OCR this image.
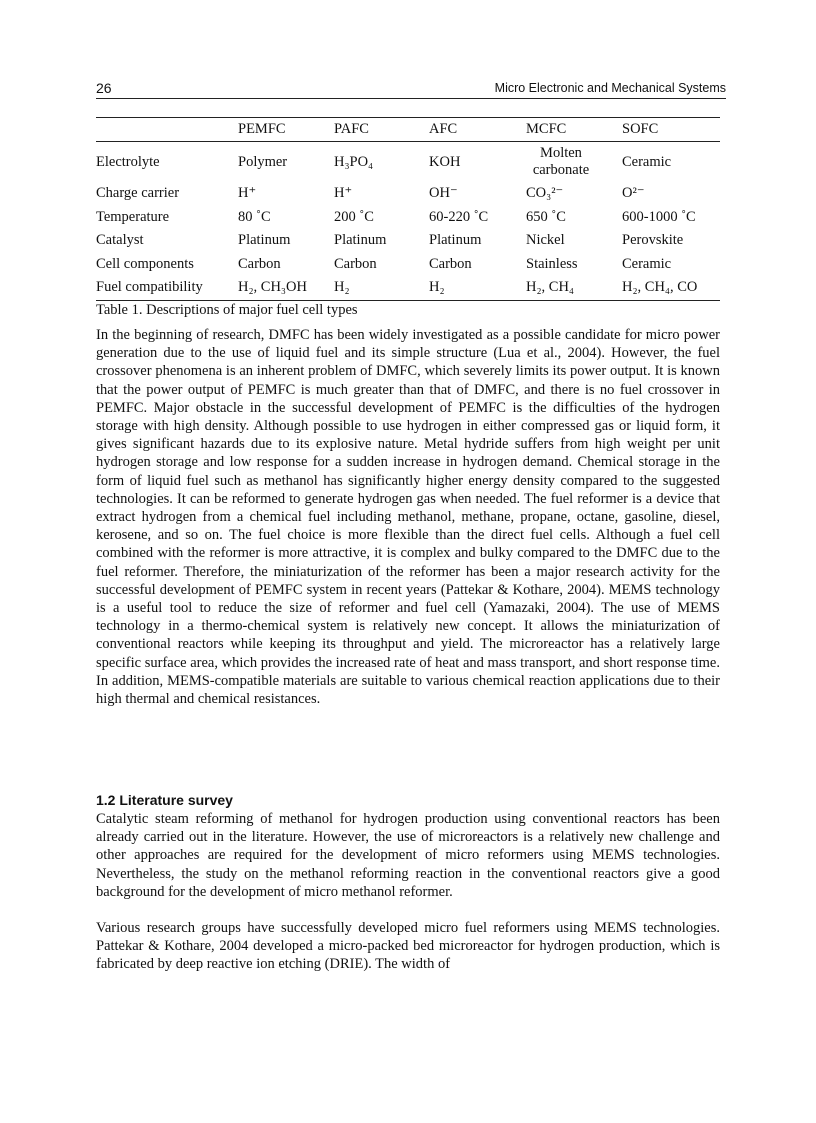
26	Micro Electronic and Mechanical Systems
	PEMFC	PAFC	AFC	MCFC	SOFC
Electrolyte	Polymer	H₃PO₄	KOH	Molten carbonate	Ceramic
Charge carrier	H⁺	H⁺	OH⁻	CO₃²⁻	O²⁻
Temperature	80 ˚C	200 ˚C	60-220 ˚C	650 ˚C	600-1000 ˚C
Catalyst	Platinum	Platinum	Platinum	Nickel	Perovskite
Cell components	Carbon	Carbon	Carbon	Stainless	Ceramic
Fuel compatibility	H₂, CH₃OH	H₂	H₂	H₂, CH₄	H₂, CH₄, CO
Table 1. Descriptions of major fuel cell types

In the beginning of research, DMFC has been widely investigated as a possible candidate for micro power generation due to the use of liquid fuel and its simple structure (Lua et al., 2004). However, the fuel crossover phenomena is an inherent problem of DMFC, which severely limits its power output. It is known that the power output of PEMFC is much greater than that of DMFC, and there is no fuel crossover in PEMFC. Major obstacle in the successful development of PEMFC is the difficulties of the hydrogen storage with high density. Although possible to use hydrogen in either compressed gas or liquid form, it gives significant hazards due to its explosive nature. Metal hydride suffers from high weight per unit hydrogen storage and low response for a sudden increase in hydrogen demand. Chemical storage in the form of liquid fuel such as methanol has significantly higher energy density compared to the suggested technologies. It can be reformed to generate hydrogen gas when needed. The fuel reformer is a device that extract hydrogen from a chemical fuel including methanol, methane, propane, octane, gasoline, diesel, kerosene, and so on. The fuel choice is more flexible than the direct fuel cells. Although a fuel cell combined with the reformer is more attractive, it is complex and bulky compared to the DMFC due to the fuel reformer. Therefore, the miniaturization of the reformer has been a major research activity for the successful development of PEMFC system in recent years (Pattekar & Kothare, 2004). MEMS technology is a useful tool to reduce the size of reformer and fuel cell (Yamazaki, 2004). The use of MEMS technology in a thermo-chemical system is relatively new concept. It allows the miniaturization of conventional reactors while keeping its throughput and yield. The microreactor has a relatively large specific surface area, which provides the increased rate of heat and mass transport, and short response time. In addition, MEMS-compatible materials are suitable to various chemical reaction applications due to their high thermal and chemical resistances.

1.2 Literature survey

Catalytic steam reforming of methanol for hydrogen production using conventional reactors has been already carried out in the literature. However, the use of microreactors is a relatively new challenge and other approaches are required for the development of micro reformers using MEMS technologies. Nevertheless, the study on the methanol reforming reaction in the conventional reactors give a good background for the development of micro methanol reformer.

Various research groups have successfully developed micro fuel reformers using MEMS technologies. Pattekar & Kothare, 2004 developed a micro-packed bed microreactor for hydrogen production, which is fabricated by deep reactive ion etching (DRIE). The width of
